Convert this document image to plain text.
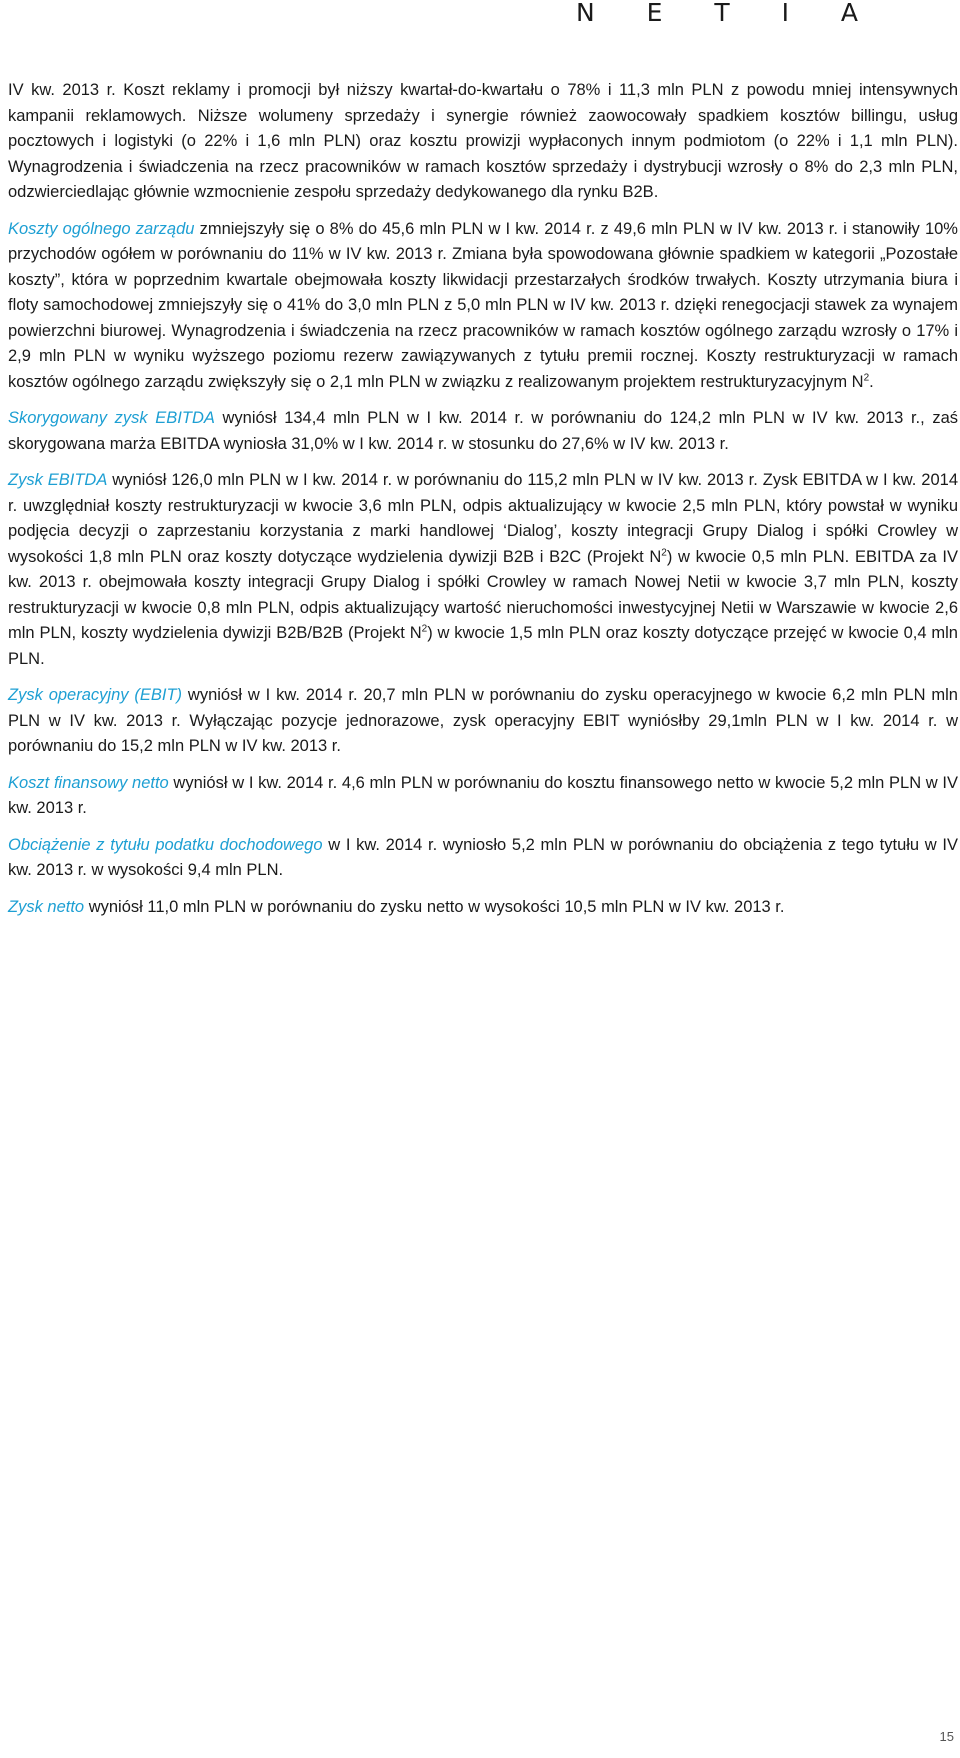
N E T I A

IV kw. 2013 r. Koszt reklamy i promocji był niższy kwartał-do-kwartału o 78% i 11,3 mln PLN z powodu mniej intensywnych kampanii reklamowych. Niższe wolumeny sprzedaży i synergie również zaowocowały spadkiem kosztów billingu, usług pocztowych i logistyki (o 22% i 1,6 mln PLN) oraz kosztu prowizji wypłaconych innym podmiotom (o 22% i 1,1 mln PLN). Wynagrodzenia i świadczenia na rzecz pracowników w ramach kosztów sprzedaży i dystrybucji wzrosły o 8% do 2,3 mln PLN, odzwierciedlając głównie wzmocnienie zespołu sprzedaży dedykowanego dla rynku B2B.

Koszty ogólnego zarządu zmniejszyły się o 8% do 45,6 mln PLN w I kw. 2014 r. z 49,6 mln PLN w IV kw. 2013 r. i stanowiły 10% przychodów ogółem w porównaniu do 11% w IV kw. 2013 r. Zmiana była spowodowana głównie spadkiem w kategorii „Pozostałe koszty”, która w poprzednim kwartale obejmowała koszty likwidacji przestarzałych środków trwałych. Koszty utrzymania biura i floty samochodowej zmniejszyły się o 41% do 3,0 mln PLN z 5,0 mln PLN w IV kw. 2013 r. dzięki renegocjacji stawek za wynajem powierzchni biurowej. Wynagrodzenia i świadczenia na rzecz pracowników w ramach kosztów ogólnego zarządu wzrosły o 17% i 2,9 mln PLN w wyniku wyższego poziomu rezerw zawiązywanych z tytułu premii rocznej. Koszty restrukturyzacji w ramach kosztów ogólnego zarządu zwiększyły się o 2,1 mln PLN w związku z realizowanym projektem restrukturyzacyjnym $N^2$.

Skorygowany zysk EBITDA wyniósł 134,4 mln PLN w I kw. 2014 r. w porównaniu do 124,2 mln PLN w IV kw. 2013 r., zaś skorygowana marża EBITDA wyniosła 31,0% w I kw. 2014 r. w stosunku do 27,6% w IV kw. 2013 r.

Zysk EBITDA wyniósł 126,0 mln PLN w I kw. 2014 r. w porównaniu do 115,2 mln PLN w IV kw. 2013 r. Zysk EBITDA w I kw. 2014 r. uwzględniał koszty restrukturyzacji w kwocie 3,6 mln PLN, odpis aktualizujący w kwocie 2,5 mln PLN, który powstał w wyniku podjęcia decyzji o zaprzestaniu korzystania z marki handlowej ‘Dialog’, koszty integracji Grupy Dialog i spółki Crowley w wysokości 1,8 mln PLN oraz koszty dotyczące wydzielenia dywizji B2B i B2C (Projekt $N^2$) w kwocie 0,5 mln PLN. EBITDA za IV kw. 2013 r. obejmowała koszty integracji Grupy Dialog i spółki Crowley w ramach Nowej Netii w kwocie 3,7 mln PLN, koszty restrukturyzacji w kwocie 0,8 mln PLN, odpis aktualizujący wartość nieruchomości inwestycyjnej Netii w Warszawie w kwocie 2,6 mln PLN, koszty wydzielenia dywizji B2B/B2B (Projekt $N^2$) w kwocie 1,5 mln PLN oraz koszty dotyczące przejęć w kwocie 0,4 mln PLN.

Zysk operacyjny (EBIT) wyniósł w I kw. 2014 r. 20,7 mln PLN w porównaniu do zysku operacyjnego w kwocie 6,2 mln PLN mln PLN w IV kw. 2013 r. Wyłączając pozycje jednorazowe, zysk operacyjny EBIT wyniósłby 29,1mln PLN w I kw. 2014 r. w porównaniu do 15,2 mln PLN w IV kw. 2013 r.

Koszt finansowy netto wyniósł w I kw. 2014 r. 4,6 mln PLN w porównaniu do kosztu finansowego netto w kwocie 5,2 mln PLN w IV kw. 2013 r.

Obciążenie z tytułu podatku dochodowego w I kw. 2014 r. wyniosło 5,2 mln PLN w porównaniu do obciążenia z tego tytułu w IV kw. 2013 r. w wysokości 9,4 mln PLN.

Zysk netto wyniósł 11,0 mln PLN w porównaniu do zysku netto w wysokości 10,5 mln PLN w IV kw. 2013 r.

15
